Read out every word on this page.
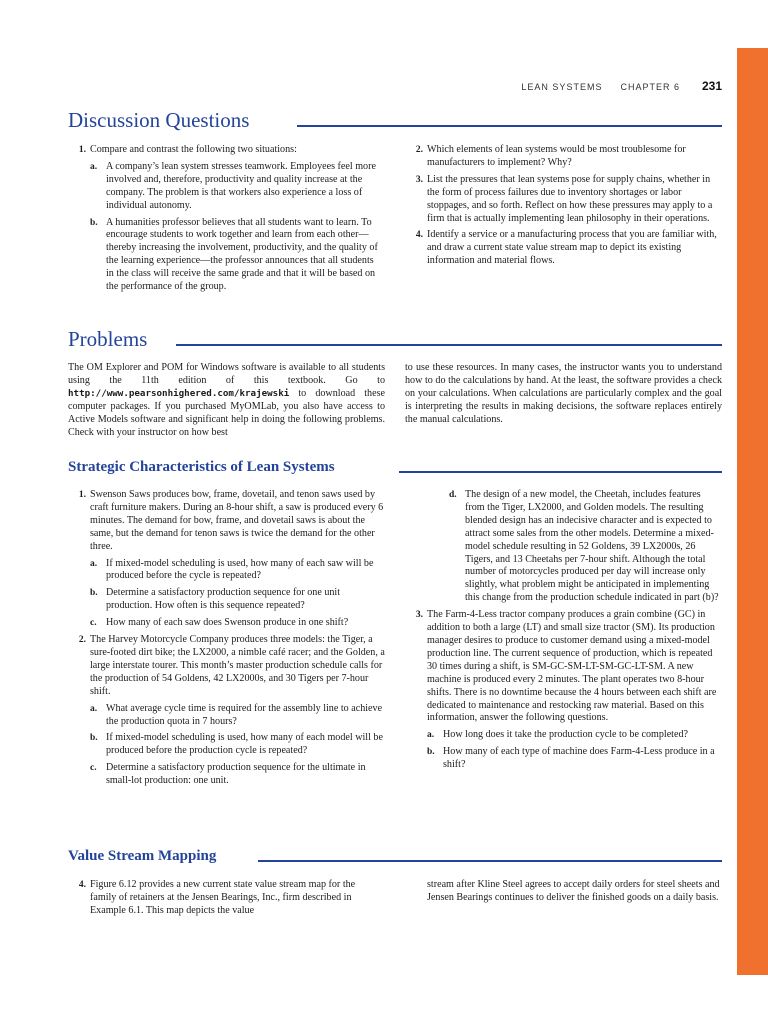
LEAN SYSTEMS CHAPTER 6 231
Discussion Questions
1. Compare and contrast the following two situations:
a. A company’s lean system stresses teamwork. Employees feel more involved and, therefore, productivity and quality increase at the company. The problem is that workers also experience a loss of individual autonomy.
b. A humanities professor believes that all students want to learn. To encourage students to work together and learn from each other—thereby increasing the involvement, productivity, and the quality of the learning experience—the professor announces that all students in the class will receive the same grade and that it will be based on the performance of the group.
2. Which elements of lean systems would be most troublesome for manufacturers to implement? Why?
3. List the pressures that lean systems pose for supply chains, whether in the form of process failures due to inventory shortages or labor stoppages, and so forth. Reflect on how these pressures may apply to a firm that is actually implementing lean philosophy in their operations.
4. Identify a service or a manufacturing process that you are familiar with, and draw a current state value stream map to depict its existing information and material flows.
Problems
The OM Explorer and POM for Windows software is available to all students using the 11th edition of this textbook. Go to http://www.pearsonhighered.com/krajewski to download these computer packages. If you purchased MyOMLab, you also have access to Active Models software and significant help in doing the following problems. Check with your instructor on how best
to use these resources. In many cases, the instructor wants you to understand how to do the calculations by hand. At the least, the software provides a check on your calculations. When calculations are particularly complex and the goal is interpreting the results in making decisions, the software replaces entirely the manual calculations.
Strategic Characteristics of Lean Systems
1. Swenson Saws produces bow, frame, dovetail, and tenon saws used by craft furniture makers. During an 8-hour shift, a saw is produced every 6 minutes. The demand for bow, frame, and dovetail saws is about the same, but the demand for tenon saws is twice the demand for the other three.
a. If mixed-model scheduling is used, how many of each saw will be produced before the cycle is repeated?
b. Determine a satisfactory production sequence for one unit production. How often is this sequence repeated?
c. How many of each saw does Swenson produce in one shift?
2. The Harvey Motorcycle Company produces three models: the Tiger, a sure-footed dirt bike; the LX2000, a nimble café racer; and the Golden, a large interstate tourer. This month’s master production schedule calls for the production of 54 Goldens, 42 LX2000s, and 30 Tigers per 7-hour shift.
a. What average cycle time is required for the assembly line to achieve the production quota in 7 hours?
b. If mixed-model scheduling is used, how many of each model will be produced before the production cycle is repeated?
c. Determine a satisfactory production sequence for the ultimate in small-lot production: one unit.
d. The design of a new model, the Cheetah, includes features from the Tiger, LX2000, and Golden models. The resulting blended design has an indecisive character and is expected to attract some sales from the other models. Determine a mixed-model schedule resulting in 52 Goldens, 39 LX2000s, 26 Tigers, and 13 Cheetahs per 7-hour shift. Although the total number of motorcycles produced per day will increase only slightly, what problem might be anticipated in implementing this change from the production schedule indicated in part (b)?
3. The Farm-4-Less tractor company produces a grain combine (GC) in addition to both a large (LT) and small size tractor (SM). Its production manager desires to produce to customer demand using a mixed-model production line. The current sequence of production, which is repeated 30 times during a shift, is SM-GC-SM-LT-SM-GC-LT-SM. A new machine is produced every 2 minutes. The plant operates two 8-hour shifts. There is no downtime because the 4 hours between each shift are dedicated to maintenance and restocking raw material. Based on this information, answer the following questions.
a. How long does it take the production cycle to be completed?
b. How many of each type of machine does Farm-4-Less produce in a shift?
Value Stream Mapping
4. Figure 6.12 provides a new current state value stream map for the family of retainers at the Jensen Bearings, Inc., firm described in Example 6.1. This map depicts the value
stream after Kline Steel agrees to accept daily orders for steel sheets and Jensen Bearings continues to deliver the finished goods on a daily basis.
